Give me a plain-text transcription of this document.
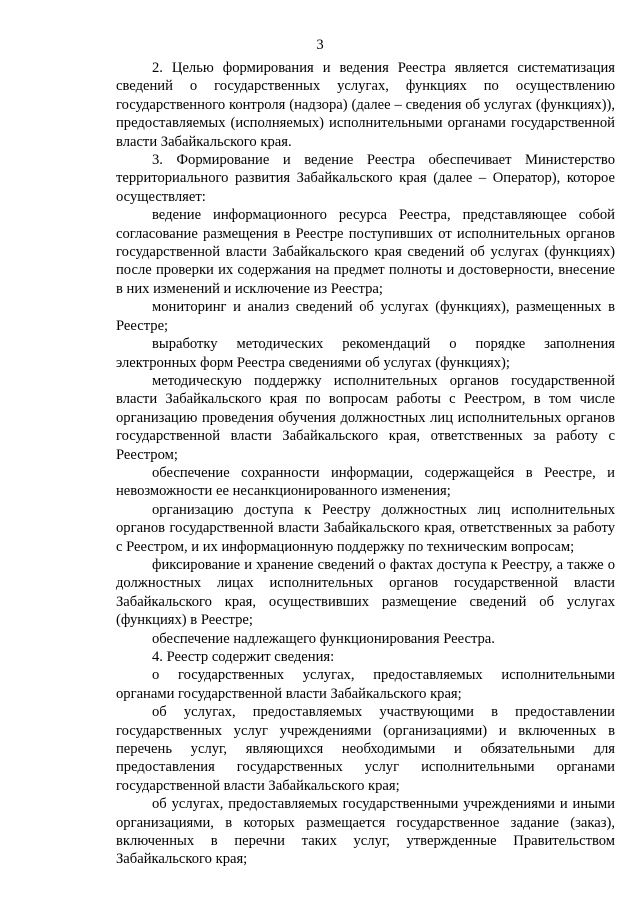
3

2. Целью формирования и ведения Реестра является систематизация сведений о государственных услугах, функциях по осуществлению государственного контроля (надзора) (далее – сведения об услугах (функциях)), предоставляемых (исполняемых) исполнительными органами государственной власти Забайкальского края.

3. Формирование и ведение Реестра обеспечивает Министерство территориального развития Забайкальского края (далее – Оператор), которое осуществляет:

ведение информационного ресурса Реестра, представляющее собой согласование размещения в Реестре поступивших от исполнительных органов государственной власти Забайкальского края сведений об услугах (функциях) после проверки их содержания на предмет полноты и достоверности, внесение в них изменений и исключение из Реестра;

мониторинг и анализ сведений об услугах (функциях), размещенных в Реестре;

выработку методических рекомендаций о порядке заполнения электронных форм Реестра сведениями об услугах (функциях);

методическую поддержку исполнительных органов государственной власти Забайкальского края по вопросам работы с Реестром, в том числе организацию проведения обучения должностных лиц исполнительных органов государственной власти Забайкальского края, ответственных за работу с Реестром;

обеспечение сохранности информации, содержащейся в Реестре, и невозможности ее несанкционированного изменения;

организацию доступа к Реестру должностных лиц исполнительных органов государственной власти Забайкальского края, ответственных за работу с Реестром, и их информационную поддержку по техническим вопросам;

фиксирование и хранение сведений о фактах доступа к Реестру, а также о должностных лицах исполнительных органов государственной власти Забайкальского края, осуществивших размещение сведений об услугах (функциях) в Реестре;

обеспечение надлежащего функционирования Реестра.

4. Реестр содержит сведения:

о государственных услугах, предоставляемых исполнительными органами государственной власти Забайкальского края;

об услугах, предоставляемых участвующими в предоставлении государственных услуг учреждениями (организациями) и включенных в перечень услуг, являющихся необходимыми и обязательными для предоставления государственных услуг исполнительными органами государственной власти Забайкальского края;

об услугах, предоставляемых государственными учреждениями и иными организациями, в которых размещается государственное задание (заказ), включенных в перечни таких услуг, утвержденные Правительством Забайкальского края;
